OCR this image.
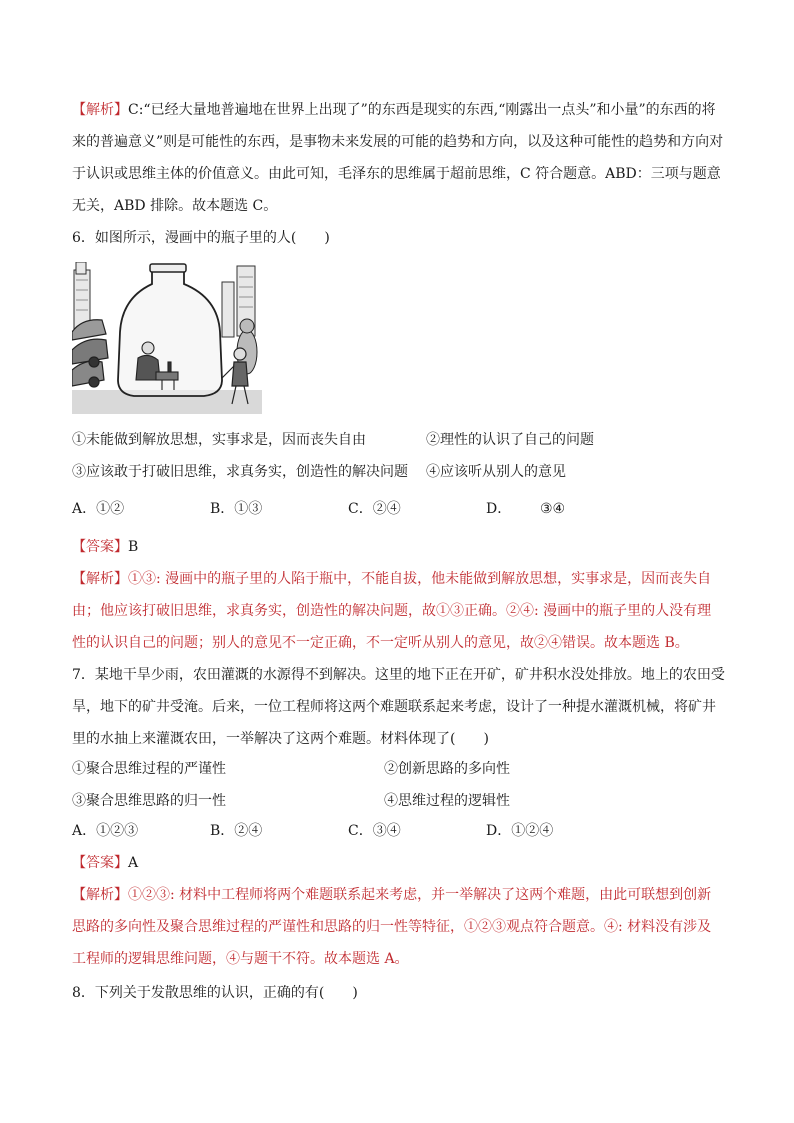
【解析】C:“已经大量地普遍地在世界上出现了”的东西是现实的东西,“刚露出一点头”和小量”的东西的将
来的普遍意义”则是可能性的东西，是事物未来发展的可能的趋势和方向，以及这种可能性的趋势和方向对
于认识或思维主体的价值意义。由此可知，毛泽东的思维属于超前思维，C 符合题意。ABD：三项与题意
无关，ABD 排除。故本题选 C。
6．如图所示，漫画中的瓶子里的人(　　)
①未能做到解放思想，实事求是，因而丧失自由	②理性的认识了自己的问题
③应该敢于打破旧思维，求真务实，创造性的解决问题 ④应该听从别人的意见
A．①②	B．①③	C．②④	D． ③④
【答案】B
【解析】①③: 漫画中的瓶子里的人陷于瓶中，不能自拔，他未能做到解放思想，实事求是，因而丧失自
由；他应该打破旧思维，求真务实，创造性的解决问题，故①③正确。②④: 漫画中的瓶子里的人没有理
性的认识自己的问题；别人的意见不一定正确，不一定听从别人的意见，故②④错误。故本题选 B。
7．某地干旱少雨，农田灌溉的水源得不到解决。这里的地下正在开矿，矿井积水没处排放。地上的农田受
旱，地下的矿井受淹。后来，一位工程师将这两个难题联系起来考虑，设计了一种提水灌溉机械，将矿井
里的水抽上来灌溉农田，一举解决了这两个难题。材料体现了(　　)
①聚合思维过程的严谨性	②创新思路的多向性
③聚合思维思路的归一性	④思维过程的逻辑性
A．①②③	B．②④	C．③④	D．①②④
【答案】A
【解析】①②③: 材料中工程师将两个难题联系起来考虑，并一举解决了这两个难题，由此可联想到创新
思路的多向性及聚合思维过程的严谨性和思路的归一性等特征，①②③观点符合题意。④: 材料没有涉及
工程师的逻辑思维问题，④与题干不符。故本题选 A。
8．下列关于发散思维的认识，正确的有(　　)
